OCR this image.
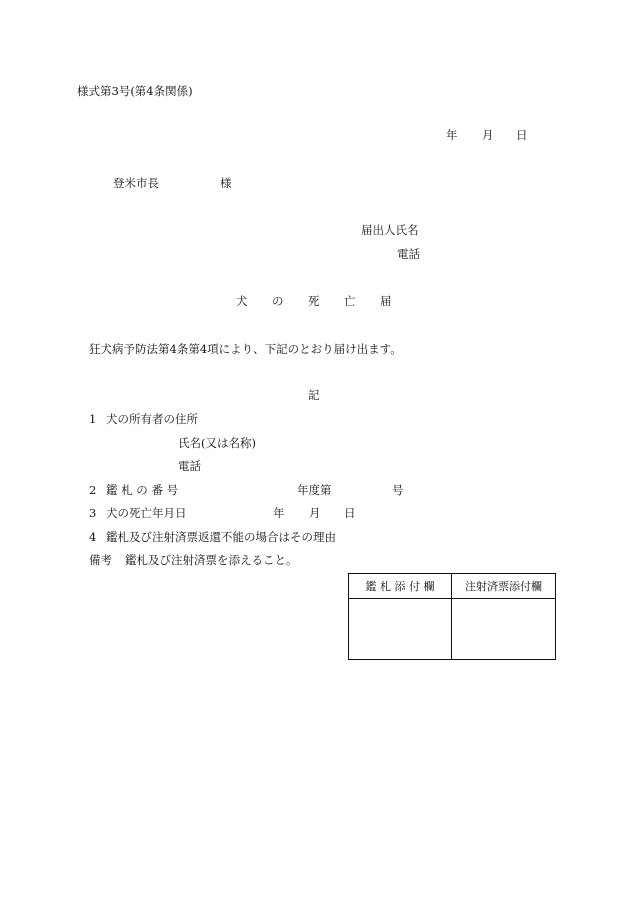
様式第3号(第4条関係)
年 月 日
登米市長	様
届出人氏名
電話
犬 の 死 亡 届
狂犬病予防法第4条第4項により、下記のとおり届け出ます。
記
1 犬の所有者の住所
氏名(又は名称)
電話
2 鑑 札 の 番 号	年度第	号
3 犬の死亡年月日	年 月 日
4 鑑札及び注射済票返還不能の場合はその理由
備考 鑑札及び注射済票を添えること。
鑑 札 添 付 欄	注射済票添付欄
